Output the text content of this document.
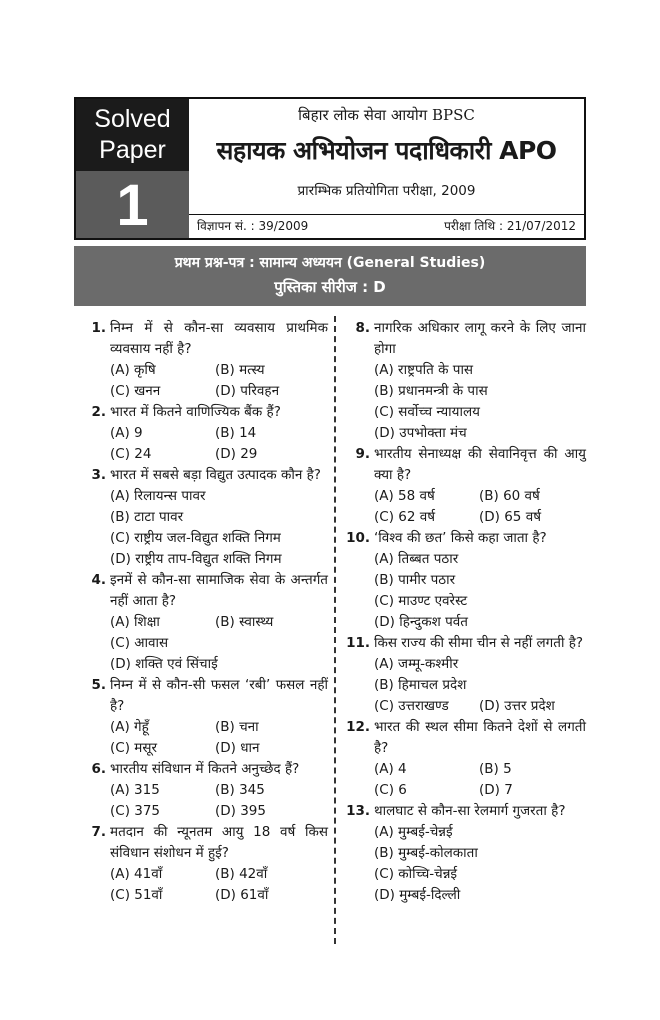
Solved
Paper
1
बिहार लोक सेवा आयोग BPSC
सहायक अभियोजन पदाधिकारी APO
प्रारम्भिक प्रतियोगिता परीक्षा, 2009
विज्ञापन सं. : 39/2009	परीक्षा तिथि : 21/07/2012
प्रथम प्रश्न-पत्र : सामान्य अध्ययन (General Studies)
पुस्तिका सीरीज : D
1. निम्न में से कौन-सा व्यवसाय प्राथमिक व्यवसाय नहीं है?
(A) कृषि	(B) मत्स्य
(C) खनन	(D) परिवहन
2. भारत में कितने वाणिज्यिक बैंक हैं?
(A) 9	(B) 14
(C) 24	(D) 29
3. भारत में सबसे बड़ा विद्युत उत्पादक कौन है?
(A) रिलायन्स पावर
(B) टाटा पावर
(C) राष्ट्रीय जल-विद्युत शक्ति निगम
(D) राष्ट्रीय ताप-विद्युत शक्ति निगम
4. इनमें से कौन-सा सामाजिक सेवा के अन्तर्गत नहीं आता है?
(A) शिक्षा	(B) स्वास्थ्य
(C) आवास
(D) शक्ति एवं सिंचाई
5. निम्न में से कौन-सी फसल ‘रबी’ फसल नहीं है?
(A) गेहूँ	(B) चना
(C) मसूर	(D) धान
6. भारतीय संविधान में कितने अनुच्छेद हैं?
(A) 315	(B) 345
(C) 375	(D) 395
7. मतदान की न्यूनतम आयु 18 वर्ष किस संविधान संशोधन में हुई?
(A) 41वाँ	(B) 42वाँ
(C) 51वाँ	(D) 61वाँ
8. नागरिक अधिकार लागू करने के लिए जाना होगा
(A) राष्ट्रपति के पास
(B) प्रधानमन्त्री के पास
(C) सर्वोच्च न्यायालय
(D) उपभोक्ता मंच
9. भारतीय सेनाध्यक्ष की सेवानिवृत्त की आयु क्या है?
(A) 58 वर्ष	(B) 60 वर्ष
(C) 62 वर्ष	(D) 65 वर्ष
10. ‘विश्व की छत’ किसे कहा जाता है?
(A) तिब्बत पठार
(B) पामीर पठार
(C) माउण्ट एवरेस्ट
(D) हिन्दुकश पर्वत
11. किस राज्य की सीमा चीन से नहीं लगती है?
(A) जम्मू-कश्मीर
(B) हिमाचल प्रदेश
(C) उत्तराखण्ड	(D) उत्तर प्रदेश
12. भारत की स्थल सीमा कितने देशों से लगती है?
(A) 4	(B) 5
(C) 6	(D) 7
13. थालघाट से कौन-सा रेलमार्ग गुजरता है?
(A) मुम्बई-चेन्नई
(B) मुम्बई-कोलकाता
(C) कोच्चि-चेन्नई
(D) मुम्बई-दिल्ली
